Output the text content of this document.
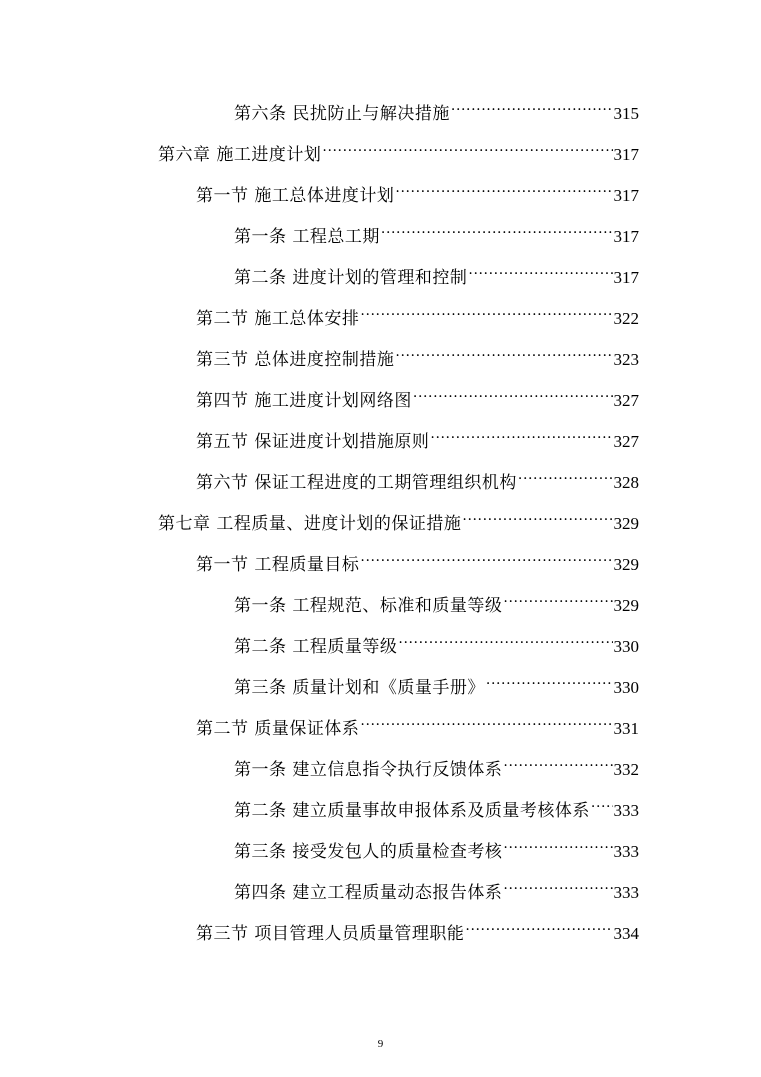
第六条 民扰防止与解决措施 .....	315
第六章 施工进度计划 .....	317
第一节 施工总体进度计划 .....	317
第一条 工程总工期 .....	317
第二条 进度计划的管理和控制 .....	317
第二节 施工总体安排 .....	322
第三节 总体进度控制措施 .....	323
第四节 施工进度计划网络图 .....	327
第五节 保证进度计划措施原则 .....	327
第六节 保证工程进度的工期管理组织机构 .....	328
第七章 工程质量、进度计划的保证措施 .....	329
第一节 工程质量目标 .....	329
第一条 工程规范、标准和质量等级 .....	329
第二条 工程质量等级 .....	330
第三条 质量计划和《质量手册》 .....	330
第二节 质量保证体系 .....	331
第一条 建立信息指令执行反馈体系 .....	332
第二条 建立质量事故申报体系及质量考核体系 ..... 333
第三条 接受发包人的质量检查考核 .....	333
第四条 建立工程质量动态报告体系 .....	333
第三节 项目管理人员质量管理职能 .....	334
9
